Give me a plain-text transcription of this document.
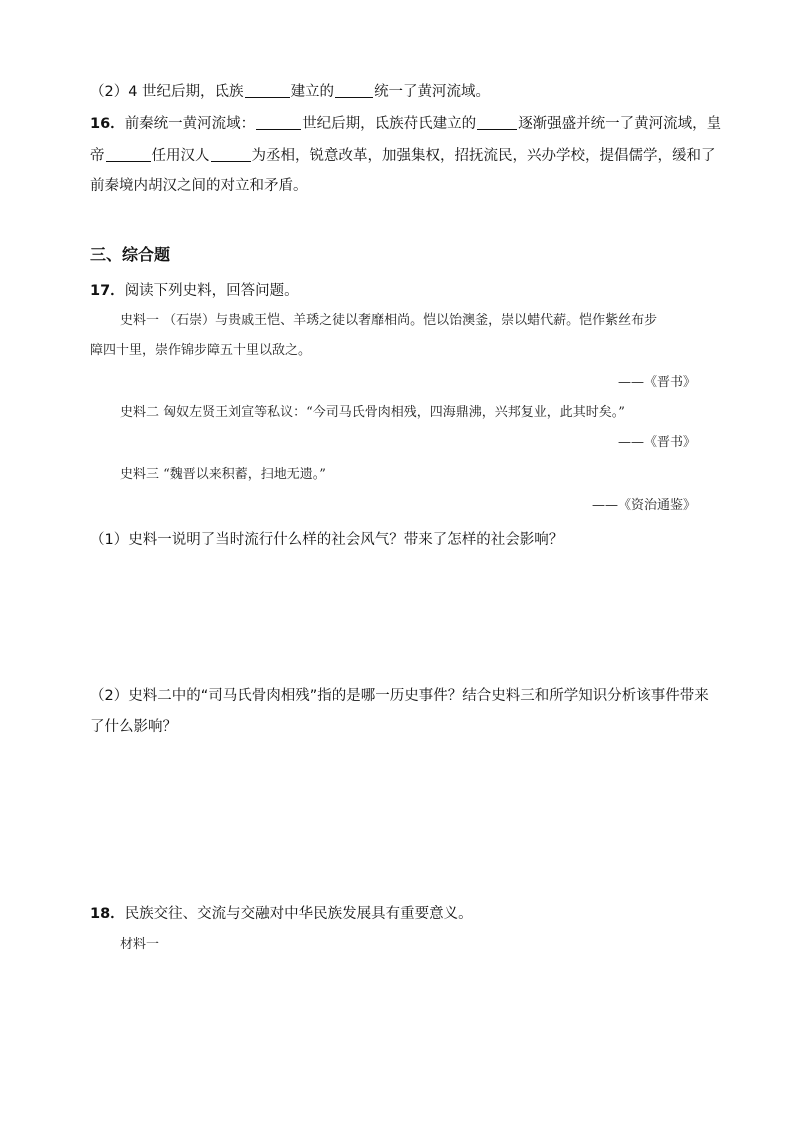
（2）4 世纪后期，氐族	建立的	统一了黄河流域。
16．前秦统一黄河流域：	世纪后期，氐族苻氏建立的	逐渐强盛并统一了黄河流域，皇
帝	任用汉人	为丞相，锐意改革，加强集权，招抚流民，兴办学校，提倡儒学，缓和了
前秦境内胡汉之间的对立和矛盾。
三、综合题
17．阅读下列史料，回答问题。
史料一 （石崇）与贵戚王恺、羊琇之徒以奢靡相尚。恺以饴澳釜，崇以蜡代薪。恺作紫丝布步
障四十里，崇作锦步障五十里以敌之。
——《晋书》
史料二 匈奴左贤王刘宣等私议：“今司马氏骨肉相残，四海鼎沸，兴邦复业，此其时矣。”
——《晋书》
史料三 “魏晋以来积蓄，扫地无遗。”
——《资治通鉴》
（1）史料一说明了当时流行什么样的社会风气？带来了怎样的社会影响？
（2）史料二中的“司马氏骨肉相残”指的是哪一历史事件？结合史料三和所学知识分析该事件带来
了什么影响？
18．民族交往、交流与交融对中华民族发展具有重要意义。
材料一
